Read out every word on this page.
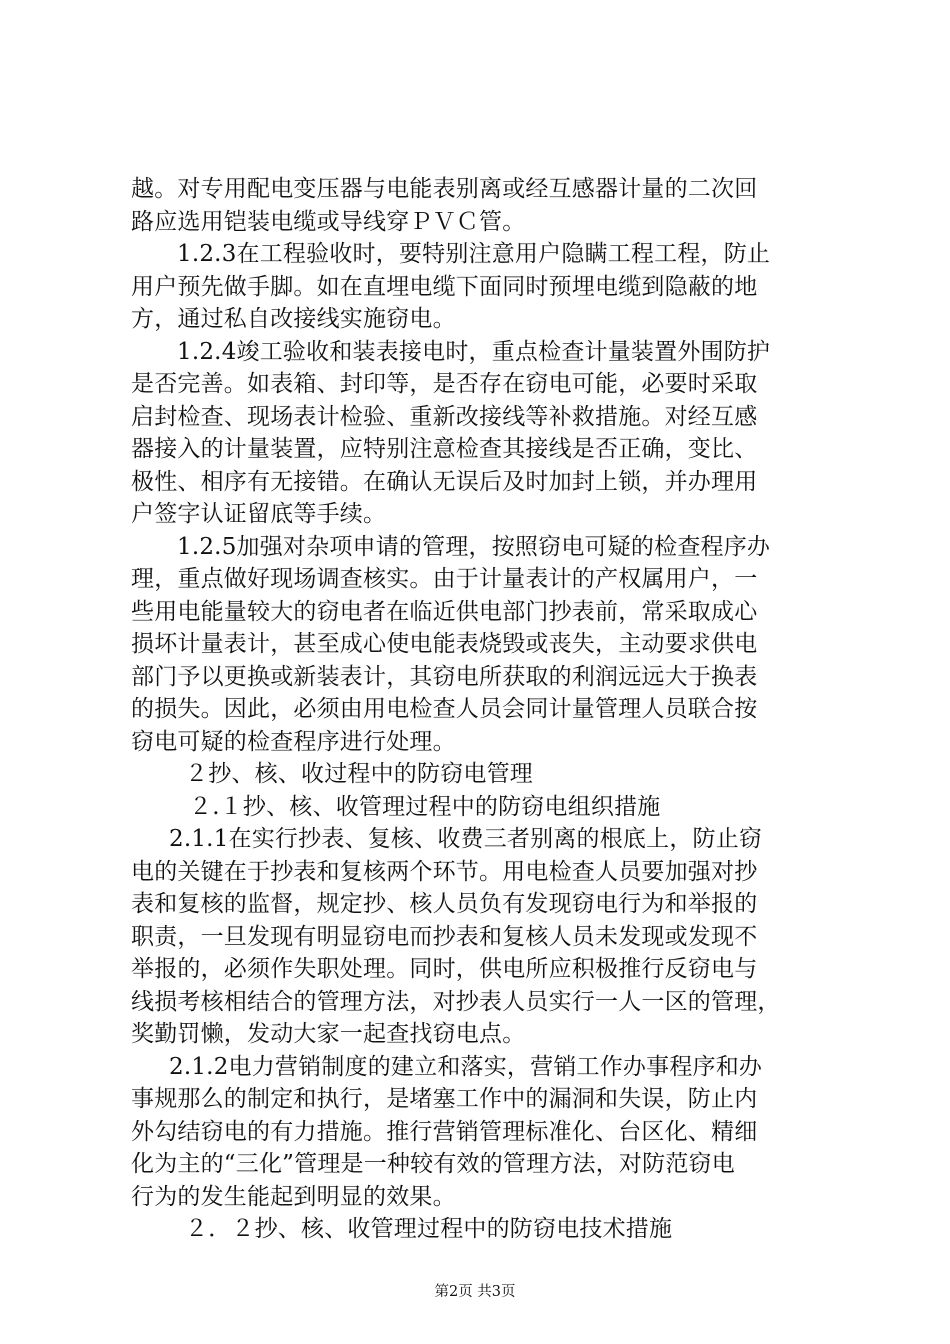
越。对专用配电变压器与电能表别离或经互感器计量的二次回
路应选用铠装电缆或导线穿ＰＶＣ管。
1.2.3在工程验收时，要特别注意用户隐瞒工程工程，防止
用户预先做手脚。如在直埋电缆下面同时预埋电缆到隐蔽的地
方，通过私自改接线实施窃电。
1.2.4竣工验收和装表接电时，重点检查计量装置外围防护
是否完善。如表箱、封印等，是否存在窃电可能，必要时采取
启封检查、现场表计检验、重新改接线等补救措施。对经互感
器接入的计量装置，应特别注意检查其接线是否正确，变比、
极性、相序有无接错。在确认无误后及时加封上锁，并办理用
户签字认证留底等手续。
1.2.5加强对杂项申请的管理，按照窃电可疑的检查程序办
理，重点做好现场调查核实。由于计量表计的产权属用户，一
些用电能量较大的窃电者在临近供电部门抄表前，常采取成心
损坏计量表计，甚至成心使电能表烧毁或丧失，主动要求供电
部门予以更换或新装表计，其窃电所获取的利润远远大于换表
的损失。因此，必须由用电检查人员会同计量管理人员联合按
窃电可疑的检查程序进行处理。
２抄、核、收过程中的防窃电管理
２.１抄、核、收管理过程中的防窃电组织措施
2.1.1在实行抄表、复核、收费三者别离的根底上，防止窃
电的关键在于抄表和复核两个环节。用电检查人员要加强对抄
表和复核的监督，规定抄、核人员负有发现窃电行为和举报的
职责，一旦发现有明显窃电而抄表和复核人员未发现或发现不
举报的，必须作失职处理。同时，供电所应积极推行反窃电与
线损考核相结合的管理方法，对抄表人员实行一人一区的管理，
奖勤罚懒，发动大家一起查找窃电点。
2.1.2电力营销制度的建立和落实，营销工作办事程序和办
事规那么的制定和执行，是堵塞工作中的漏洞和失误，防止内
外勾结窃电的有力措施。推行营销管理标准化、台区化、精细
化为主的“三化”管理是一种较有效的管理方法，对防范窃电
行为的发生能起到明显的效果。
２．２抄、核、收管理过程中的防窃电技术措施
第2页 共3页
